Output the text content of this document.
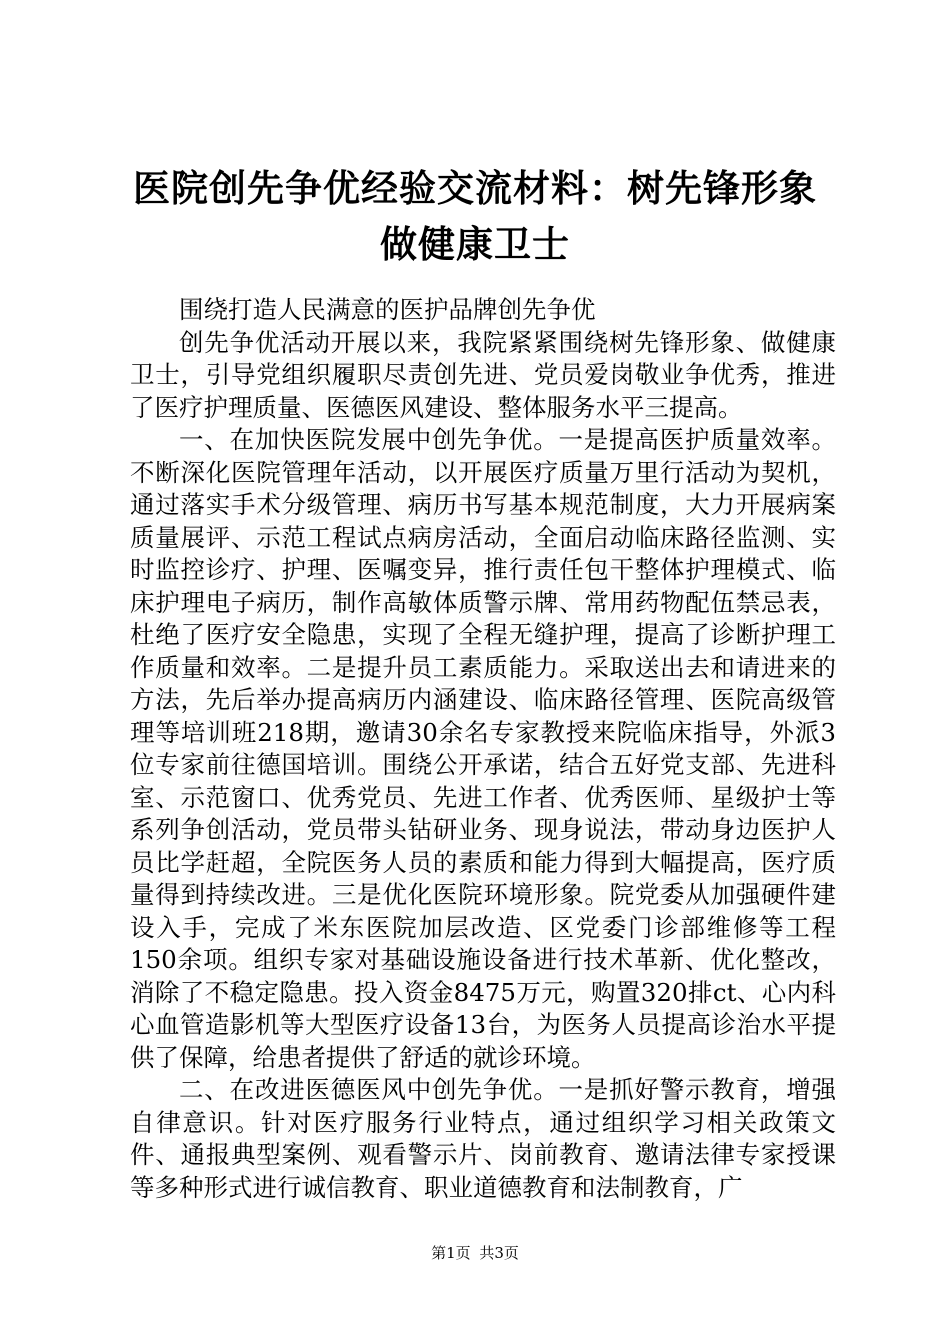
医院创先争优经验交流材料：树先锋形象做健康卫士

围绕打造人民满意的医护品牌创先争优

创先争优活动开展以来，我院紧紧围绕树先锋形象、做健康卫士，引导党组织履职尽责创先进、党员爱岗敬业争优秀，推进了医疗护理质量、医德医风建设、整体服务水平三提高。

一、在加快医院发展中创先争优。一是提高医护质量效率。不断深化医院管理年活动，以开展医疗质量万里行活动为契机，通过落实手术分级管理、病历书写基本规范制度，大力开展病案质量展评、示范工程试点病房活动，全面启动临床路径监测、实时监控诊疗、护理、医嘱变异，推行责任包干整体护理模式、临床护理电子病历，制作高敏体质警示牌、常用药物配伍禁忌表，杜绝了医疗安全隐患，实现了全程无缝护理，提高了诊断护理工作质量和效率。二是提升员工素质能力。采取送出去和请进来的方法，先后举办提高病历内涵建设、临床路径管理、医院高级管理等培训班218期，邀请30余名专家教授来院临床指导，外派3位专家前往德国培训。围绕公开承诺，结合五好党支部、先进科室、示范窗口、优秀党员、先进工作者、优秀医师、星级护士等系列争创活动，党员带头钻研业务、现身说法，带动身边医护人员比学赶超，全院医务人员的素质和能力得到大幅提高，医疗质量得到持续改进。三是优化医院环境形象。院党委从加强硬件建设入手，完成了米东医院加层改造、区党委门诊部维修等工程150余项。组织专家对基础设施设备进行技术革新、优化整改，消除了不稳定隐患。投入资金8475万元，购置320排ct、心内科心血管造影机等大型医疗设备13台，为医务人员提高诊治水平提供了保障，给患者提供了舒适的就诊环境。

二、在改进医德医风中创先争优。一是抓好警示教育，增强自律意识。针对医疗服务行业特点，通过组织学习相关政策文件、通报典型案例、观看警示片、岗前教育、邀请法律专家授课等多种形式进行诚信教育、职业道德教育和法制教育，广

第1页 共3页
